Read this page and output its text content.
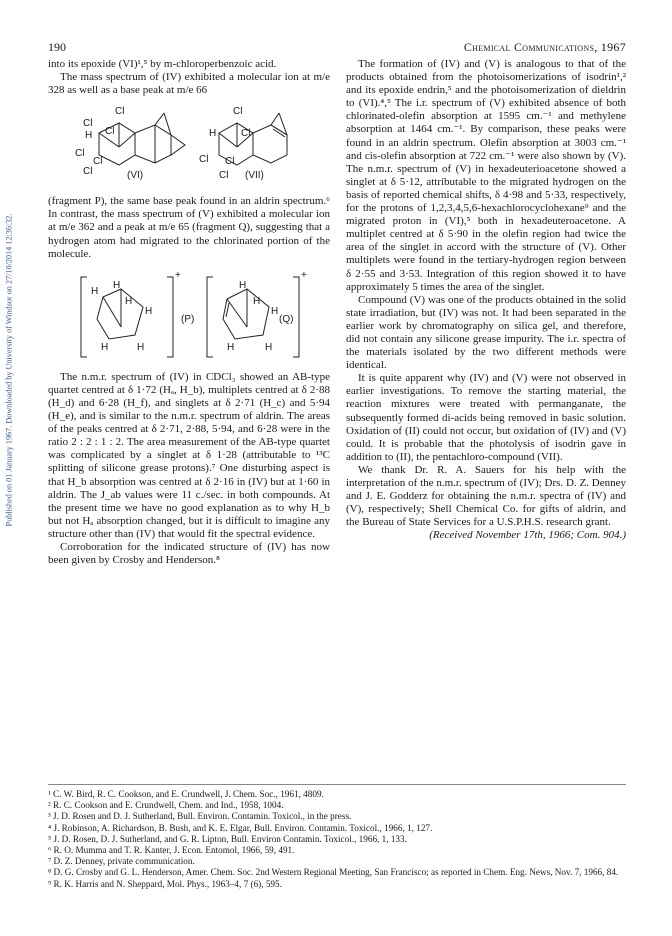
Published on 01 January 1967. Downloaded by University of Windsor on 27/10/2014 12:36:32.
190	Chemical Communications, 1967

into its epoxide (VI)¹,⁵ by m-chloroperbenzoic acid.

The mass spectrum of (IV) exhibited a molecular ion at m/e 328 as well as a base peak at m/e 66

Cl
Cl
H Cl
Cl
Cl
Cl	(VI)
Cl
H Cl
Cl Cl
Cl (VII)

(fragment P), the same base peak found in an aldrin spectrum.⁶ In contrast, the mass spectrum of (V) exhibited a molecular ion at m/e 362 and a peak at m/e 65 (fragment Q), suggesting that a hydrogen atom had migrated to the chlorinated portion of the molecule.

+
H
H
H
H
H	H
(P)
+
H
H
H
H	H
(Q)

The n.m.r. spectrum of (IV) in CDCl₃ showed an AB-type quartet centred at δ 1·72 (Hₐ, H_b), multiplets centred at δ 2·88 (H_d) and 6·28 (H_f), and singlets at δ 2·71 (H_c) and 5·94 (H_e), and is similar to the n.m.r. spectrum of aldrin. The areas of the peaks centred at δ 2·71, 2·88, 5·94, and 6·28 were in the ratio 2 : 2 : 1 : 2. The area measurement of the AB-type quartet was complicated by a singlet at δ 1·28 (attributable to ¹³C splitting of silicone grease protons).⁷ One disturbing aspect is that H_b absorption was centred at δ 2·16 in (IV) but at 1·60 in aldrin. The J_ab values were 11 c./sec. in both compounds. At the present time we have no good explanation as to why H_b but not Hₐ absorption changed, but it is difficult to imagine any structure other than (IV) that would fit the spectral evidence.

Corroboration for the indicated structure of (IV) has now been given by Crosby and Henderson.⁸

The formation of (IV) and (V) is analogous to that of the products obtained from the photoisomerizations of isodrin¹,² and its epoxide endrin,⁵ and the photoisomerization of dieldrin to (VI).⁴,⁵ The i.r. spectrum of (V) exhibited absence of both chlorinated-olefin absorption at 1595 cm.⁻¹ and methylene absorption at 1464 cm.⁻¹. By comparison, these peaks were found in an aldrin spectrum. Olefin absorption at 3003 cm.⁻¹ and cis-olefin absorption at 722 cm.⁻¹ were also shown by (V). The n.m.r. spectrum of (V) in hexadeuterioacetone showed a singlet at δ 5·12, attributable to the migrated hydrogen on the basis of reported chemical shifts, δ 4·98 and 5·33, respectively, for the protons of 1,2,3,4,5,6-hexachlorocyclohexane⁹ and the migrated proton in (VI),⁵ both in hexadeuteroacetone. A multiplet centred at δ 5·90 in the olefin region had twice the area of the singlet in accord with the structure of (V). Other multiplets were found in the tertiary-hydrogen region between δ 2·55 and 3·53. Integration of this region showed it to have approximately 5 times the area of the singlet.

Compound (V) was one of the products obtained in the solid state irradiation, but (IV) was not. It had been separated in the earlier work by chromatography on silica gel, and therefore, did not contain any silicone grease impurity. The i.r. spectra of the materials isolated by the two different methods were identical.

It is quite apparent why (IV) and (V) were not observed in earlier investigations. To remove the starting material, the reaction mixtures were treated with permanganate, the subsequently formed di-acids being removed in basic solution. Oxidation of (II) could not occur, but oxidation of (IV) and (V) could. It is probable that the photolysis of isodrin gave in addition to (II), the pentachloro-compound (VII).

We thank Dr. R. A. Sauers for his help with the interpretation of the n.m.r. spectrum of (IV); Drs. D. Z. Denney and J. E. Godderz for obtaining the n.m.r. spectra of (IV) and (V), respectively; Shell Chemical Co. for gifts of aldrin, and the Bureau of State Services for a U.S.P.H.S. research grant.

(Received November 17th, 1966; Com. 904.)

¹ C. W. Bird, R. C. Cookson, and E. Crundwell, J. Chem. Soc., 1961, 4809.
² R. C. Cookson and E. Crundwell, Chem. and Ind., 1958, 1004.
³ J. D. Rosen and D. J. Sutherland, Bull. Environ. Contamin. Toxicol., in the press.
⁴ J. Robinson, A. Richardson, B. Bush, and K. E. Elgar, Bull. Environ. Contamin. Toxicol., 1966, 1, 127.
⁵ J. D. Rosen, D. J. Sutherland, and G. R. Lipton, Bull. Environ Contamin. Toxicol., 1966, 1, 133.
⁶ R. O. Mumma and T. R. Kanter, J. Econ. Entomol, 1966, 59, 491.
⁷ D. Z. Denney, private communication.
⁸ D. G. Crosby and G. L. Henderson, Amer. Chem. Soc. 2nd Western Regional Meeting, San Francisco; as reported in Chem. Eng. News, Nov. 7, 1966, 84.
⁹ R. K. Harris and N. Sheppard, Mol. Phys., 1963–4, 7 (6), 595.
